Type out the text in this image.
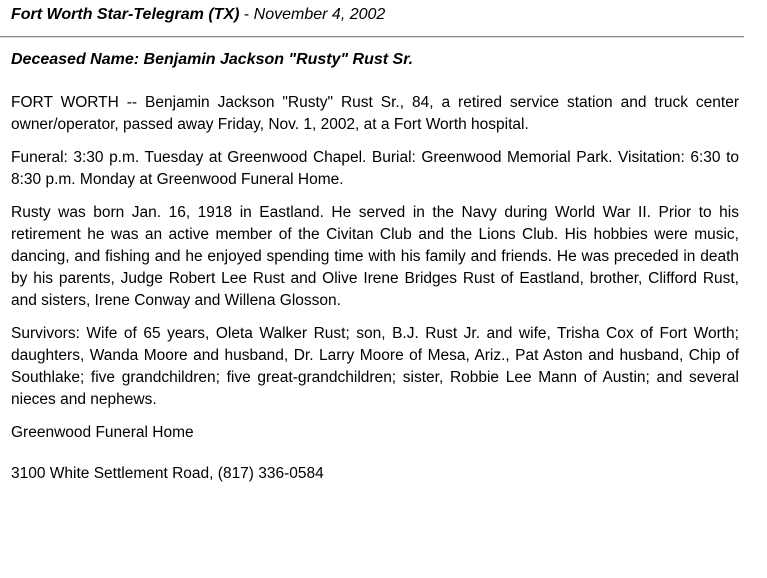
Fort Worth Star-Telegram (TX) - November 4, 2002
Deceased Name: Benjamin Jackson "Rusty" Rust Sr.

FORT WORTH -- Benjamin Jackson "Rusty" Rust Sr., 84, a retired service station and truck center owner/operator, passed away Friday, Nov. 1, 2002, at a Fort Worth hospital.

Funeral: 3:30 p.m. Tuesday at Greenwood Chapel. Burial: Greenwood Memorial Park. Visitation: 6:30 to 8:30 p.m. Monday at Greenwood Funeral Home.

Rusty was born Jan. 16, 1918 in Eastland. He served in the Navy during World War II. Prior to his retirement he was an active member of the Civitan Club and the Lions Club. His hobbies were music, dancing, and fishing and he enjoyed spending time with his family and friends. He was preceded in death by his parents, Judge Robert Lee Rust and Olive Irene Bridges Rust of Eastland, brother, Clifford Rust, and sisters, Irene Conway and Willena Glosson.

Survivors: Wife of 65 years, Oleta Walker Rust; son, B.J. Rust Jr. and wife, Trisha Cox of Fort Worth; daughters, Wanda Moore and husband, Dr. Larry Moore of Mesa, Ariz., Pat Aston and husband, Chip of Southlake; five grandchildren; five great-grandchildren; sister, Robbie Lee Mann of Austin; and several nieces and nephews.

Greenwood Funeral Home

3100 White Settlement Road, (817) 336-0584
